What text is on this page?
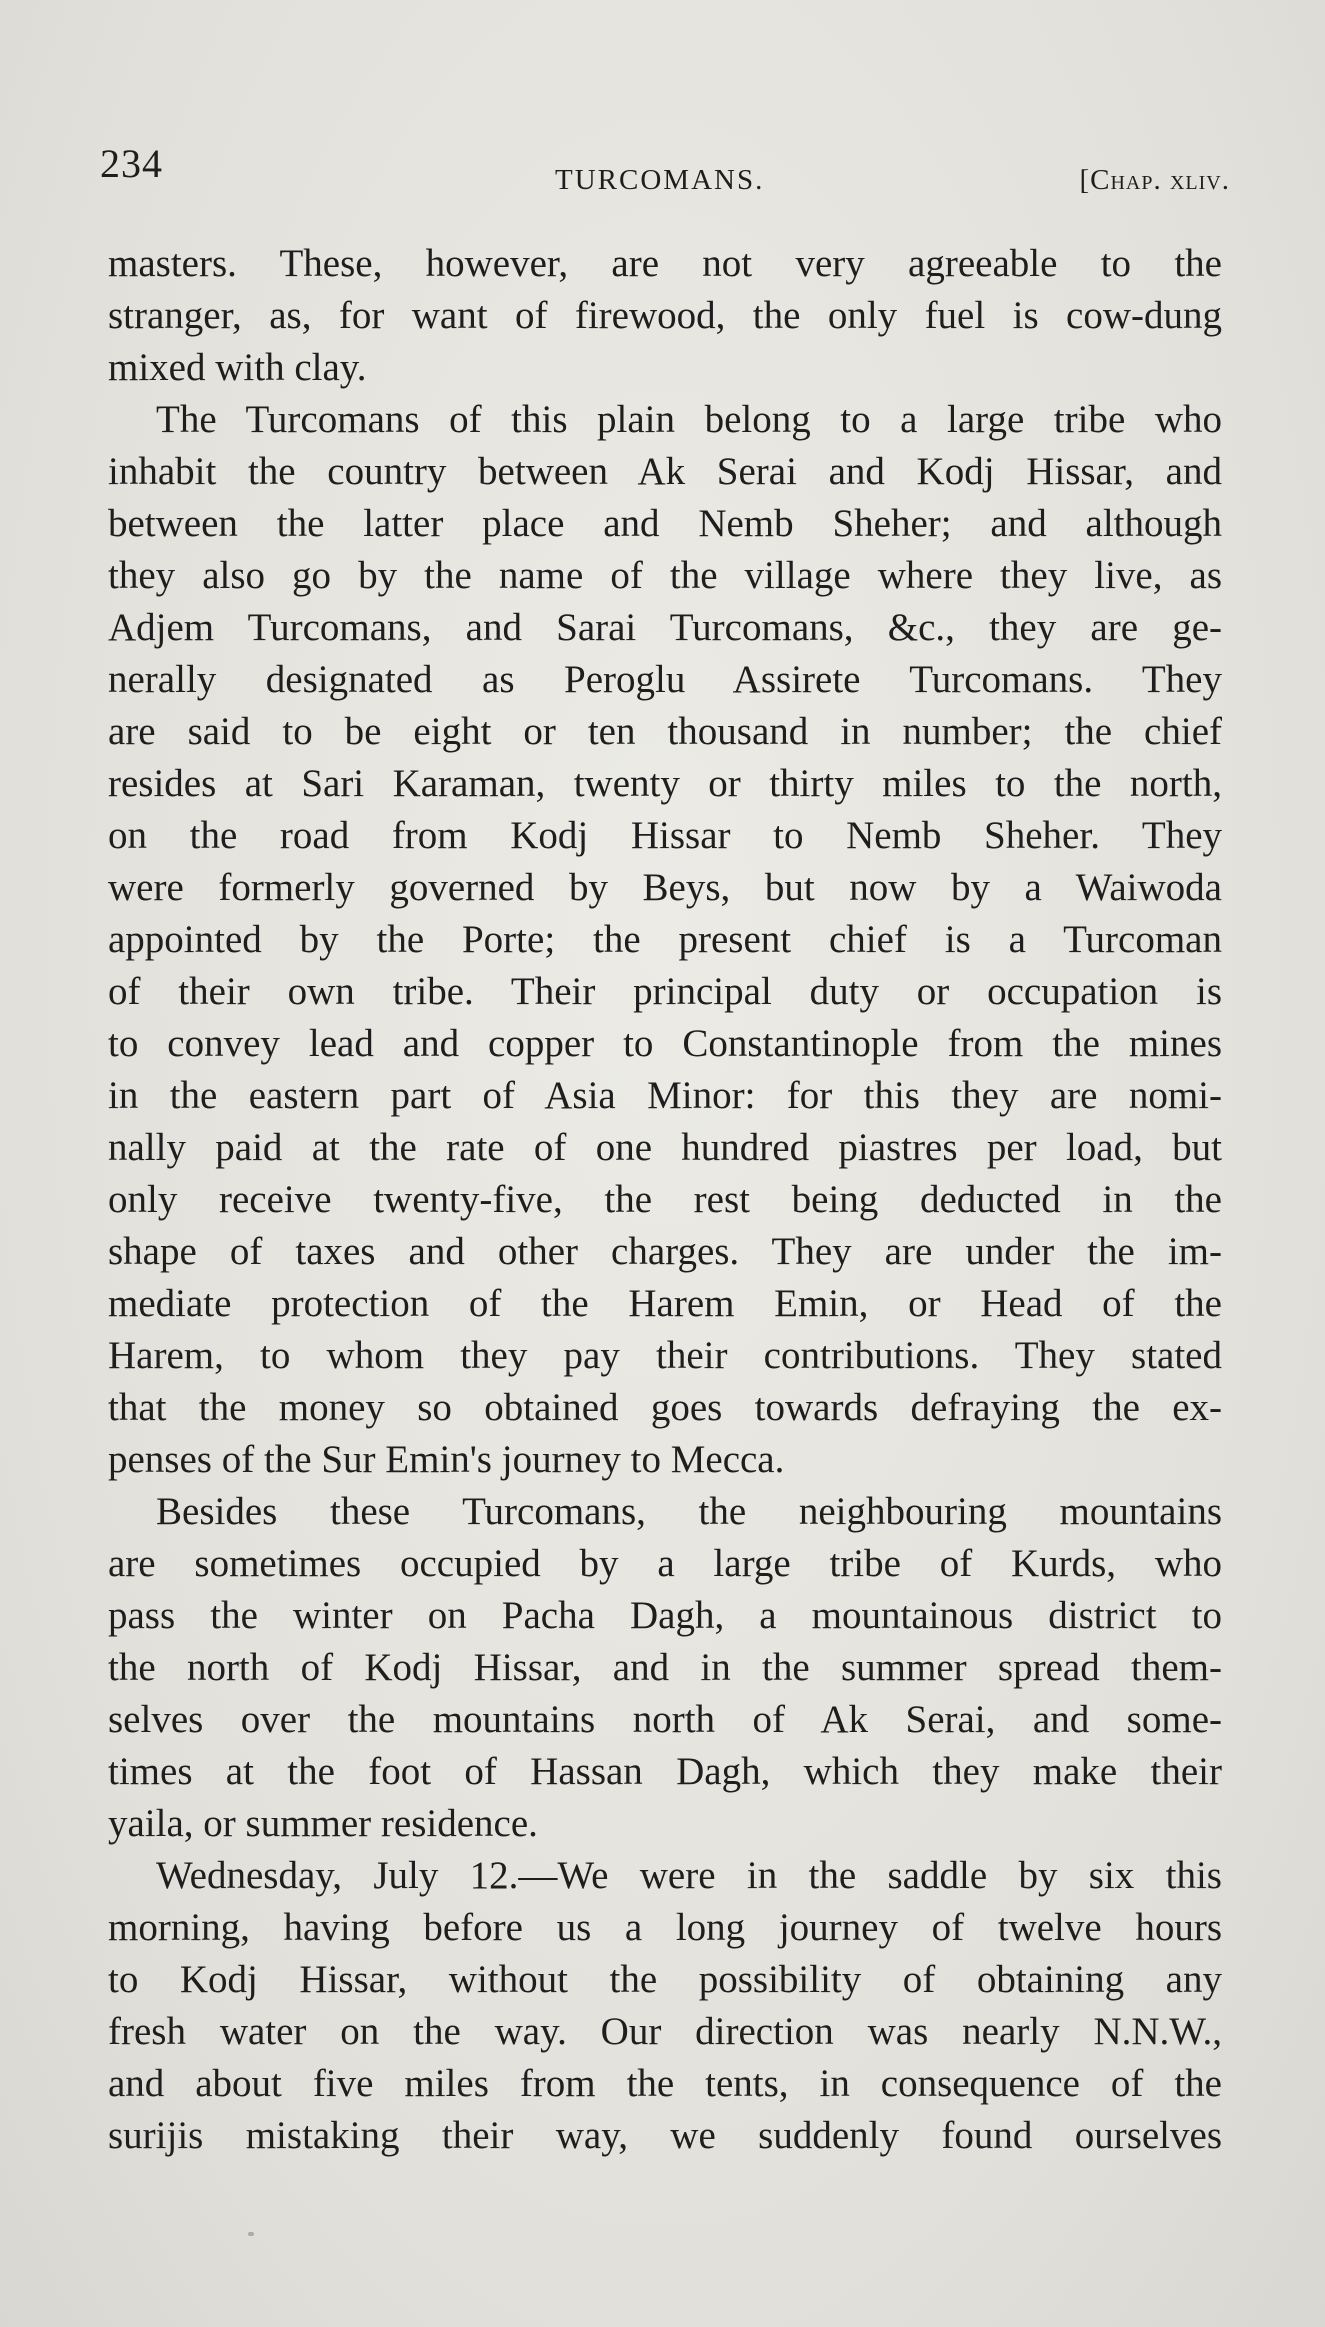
234	TURCOMANS.	[Chap. xliv.
masters. These, however, are not very agreeable to the
stranger, as, for want of firewood, the only fuel is cow-dung
mixed with clay.
The Turcomans of this plain belong to a large tribe who
inhabit the country between Ak Serai and Kodj Hissar, and
between the latter place and Nemb Sheher; and although
they also go by the name of the village where they live, as
Adjem Turcomans, and Sarai Turcomans, &c., they are ge-
nerally designated as Peroglu Assirete Turcomans. They
are said to be eight or ten thousand in number; the chief
resides at Sari Karaman, twenty or thirty miles to the north,
on the road from Kodj Hissar to Nemb Sheher. They
were formerly governed by Beys, but now by a Waiwoda
appointed by the Porte; the present chief is a Turcoman
of their own tribe. Their principal duty or occupation is
to convey lead and copper to Constantinople from the mines
in the eastern part of Asia Minor: for this they are nomi-
nally paid at the rate of one hundred piastres per load, but
only receive twenty-five, the rest being deducted in the
shape of taxes and other charges. They are under the im-
mediate protection of the Harem Emin, or Head of the
Harem, to whom they pay their contributions. They stated
that the money so obtained goes towards defraying the ex-
penses of the Sur Emin's journey to Mecca.
Besides these Turcomans, the neighbouring mountains
are sometimes occupied by a large tribe of Kurds, who
pass the winter on Pacha Dagh, a mountainous district to
the north of Kodj Hissar, and in the summer spread them-
selves over the mountains north of Ak Serai, and some-
times at the foot of Hassan Dagh, which they make their
yaila, or summer residence.
Wednesday, July 12.—We were in the saddle by six this
morning, having before us a long journey of twelve hours
to Kodj Hissar, without the possibility of obtaining any
fresh water on the way. Our direction was nearly N.N.W.,
and about five miles from the tents, in consequence of the
surijis mistaking their way, we suddenly found ourselves
